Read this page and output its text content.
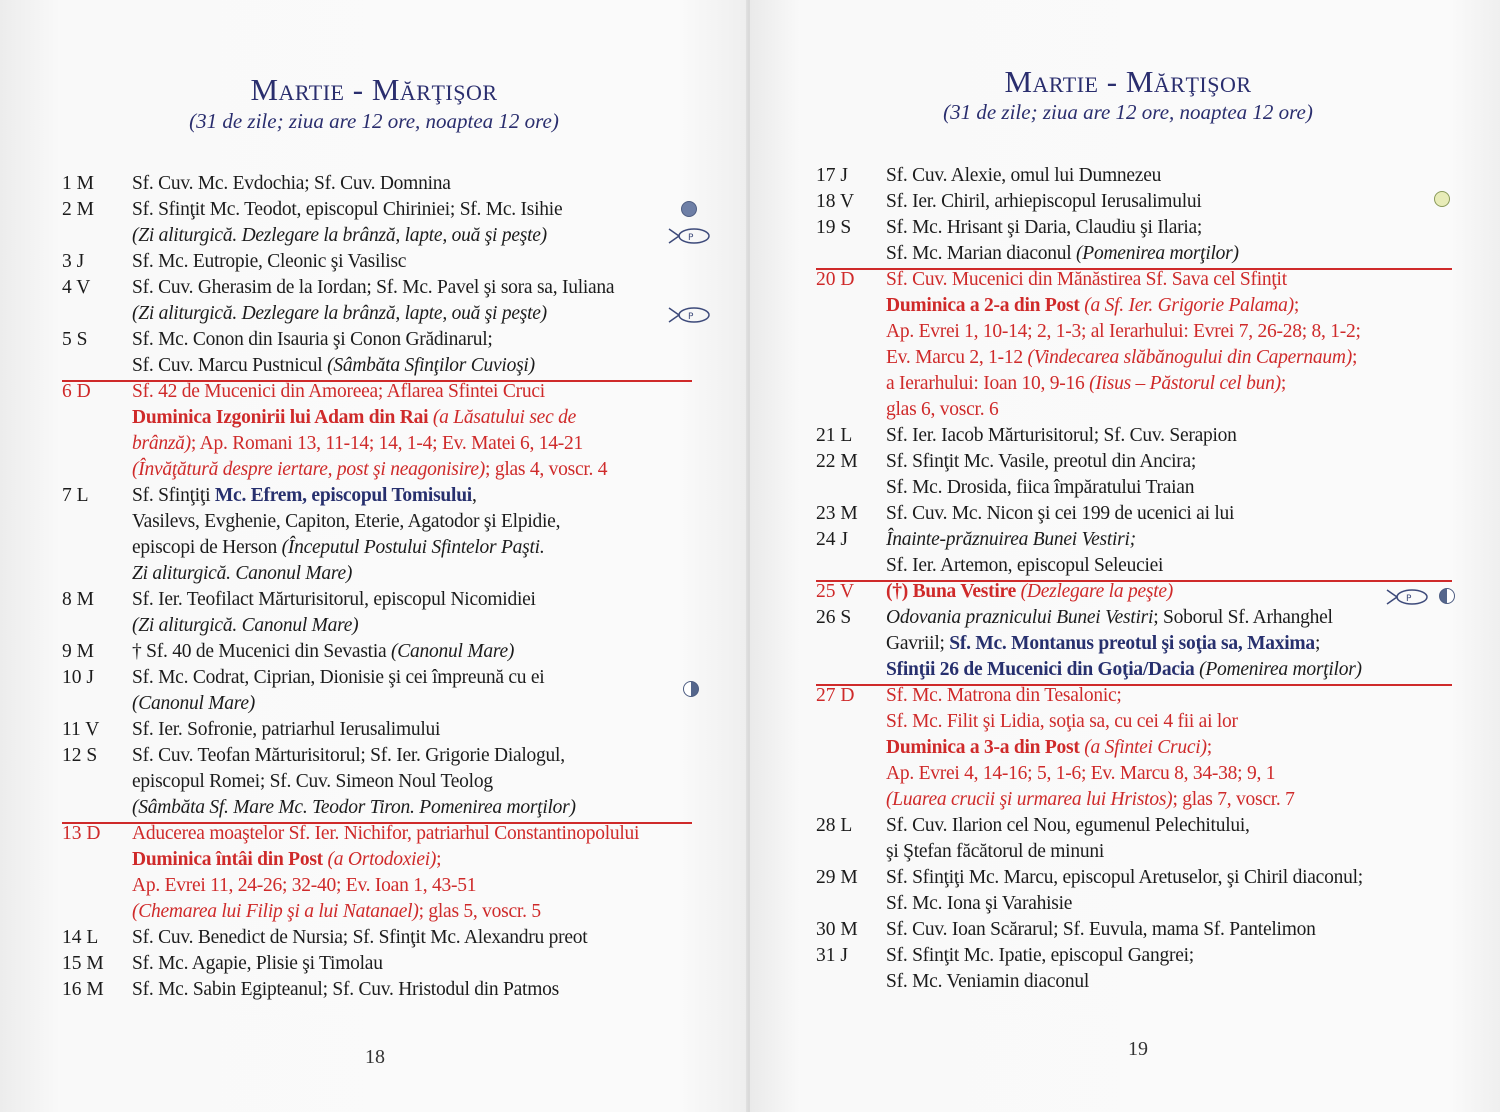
Martie - Mărţişor
(31 de zile; ziua are 12 ore, noaptea 12 ore)
1 M	Sf. Cuv. Mc. Evdochia; Sf. Cuv. Domnina
2 M	Sf. Sfinţit Mc. Teodot, episcopul Chiriniei; Sf. Mc. Isihie
(Zi aliturgică. Dezlegare la brânză, lapte, ouă şi peşte)
3 J	Sf. Mc. Eutropie, Cleonic şi Vasilisc
4 V	Sf. Cuv. Gherasim de la Iordan; Sf. Mc. Pavel şi sora sa, Iuliana
(Zi aliturgică. Dezlegare la brânză, lapte, ouă şi peşte)
5 S	Sf. Mc. Conon din Isauria şi Conon Grădinarul;
Sf. Cuv. Marcu Pustnicul (Sâmbăta Sfinţilor Cuvioşi)
6 D	Sf. 42 de Mucenici din Amoreea; Aflarea Sfintei Cruci
Duminica Izgonirii lui Adam din Rai (a Lăsatului sec de
brânză); Ap. Romani 13, 11-14; 14, 1-4; Ev. Matei 6, 14-21
(Învăţătură despre iertare, post şi neagonisire); glas 4, voscr. 4
7 L	Sf. Sfinţiţi Mc. Efrem, episcopul Tomisului,
Vasilevs, Evghenie, Capiton, Eterie, Agatodor şi Elpidie,
episcopi de Herson (Începutul Postului Sfintelor Paşti.
Zi aliturgică. Canonul Mare)
8 M	Sf. Ier. Teofilact Mărturisitorul, episcopul Nicomidiei
(Zi aliturgică. Canonul Mare)
9 M	† Sf. 40 de Mucenici din Sevastia (Canonul Mare)
10 J	Sf. Mc. Codrat, Ciprian, Dionisie şi cei împreună cu ei
(Canonul Mare)
11 V	Sf. Ier. Sofronie, patriarhul Ierusalimului
12 S	Sf. Cuv. Teofan Mărturisitorul; Sf. Ier. Grigorie Dialogul,
episcopul Romei; Sf. Cuv. Simeon Noul Teolog
(Sâmbăta Sf. Mare Mc. Teodor Tiron. Pomenirea morţilor)
13 D	Aducerea moaştelor Sf. Ier. Nichifor, patriarhul Constantinopolului
Duminica întâi din Post (a Ortodoxiei);
Ap. Evrei 11, 24-26; 32-40; Ev. Ioan 1, 43-51
(Chemarea lui Filip şi a lui Natanael); glas 5, voscr. 5
14 L	Sf. Cuv. Benedict de Nursia; Sf. Sfinţit Mc. Alexandru preot
15 M	Sf. Mc. Agapie, Plisie şi Timolau
16 M	Sf. Mc. Sabin Egipteanul; Sf. Cuv. Hristodul din Patmos
18
P
P
Martie - Mărţişor
(31 de zile; ziua are 12 ore, noaptea 12 ore)
17 J	Sf. Cuv. Alexie, omul lui Dumnezeu
18 V	Sf. Ier. Chiril, arhiepiscopul Ierusalimului
19 S	Sf. Mc. Hrisant şi Daria, Claudiu şi Ilaria;
Sf. Mc. Marian diaconul (Pomenirea morţilor)
20 D	Sf. Cuv. Mucenici din Mănăstirea Sf. Sava cel Sfinţit
Duminica a 2-a din Post (a Sf. Ier. Grigorie Palama);
Ap. Evrei 1, 10-14; 2, 1-3; al Ierarhului: Evrei 7, 26-28; 8, 1-2;
Ev. Marcu 2, 1-12 (Vindecarea slăbănogului din Capernaum);
a Ierarhului: Ioan 10, 9-16 (Iisus – Păstorul cel bun);
glas 6, voscr. 6
21 L	Sf. Ier. Iacob Mărturisitorul; Sf. Cuv. Serapion
22 M	Sf. Sfinţit Mc. Vasile, preotul din Ancira;
Sf. Mc. Drosida, fiica împăratului Traian
23 M	Sf. Cuv. Mc. Nicon şi cei 199 de ucenici ai lui
24 J	Înainte-prăznuirea Bunei Vestiri;
Sf. Ier. Artemon, episcopul Seleuciei
25 V	(†) Buna Vestire (Dezlegare la peşte)
26 S	Odovania praznicului Bunei Vestiri; Soborul Sf. Arhanghel
Gavriil; Sf. Mc. Montanus preotul şi soţia sa, Maxima;
Sfinţii 26 de Mucenici din Goţia/Dacia (Pomenirea morţilor)
27 D	Sf. Mc. Matrona din Tesalonic;
Sf. Mc. Filit şi Lidia, soţia sa, cu cei 4 fii ai lor
Duminica a 3-a din Post (a Sfintei Cruci);
Ap. Evrei 4, 14-16; 5, 1-6; Ev. Marcu 8, 34-38; 9, 1
(Luarea crucii şi urmarea lui Hristos); glas 7, voscr. 7
28 L	Sf. Cuv. Ilarion cel Nou, egumenul Pelechitului,
şi Ştefan făcătorul de minuni
29 M	Sf. Sfinţiţi Mc. Marcu, episcopul Aretuselor, şi Chiril diaconul;
Sf. Mc. Iona şi Varahisie
30 M	Sf. Cuv. Ioan Scărarul; Sf. Euvula, mama Sf. Pantelimon
31 J	Sf. Sfinţit Mc. Ipatie, episcopul Gangrei;
Sf. Mc. Veniamin diaconul
19
P
